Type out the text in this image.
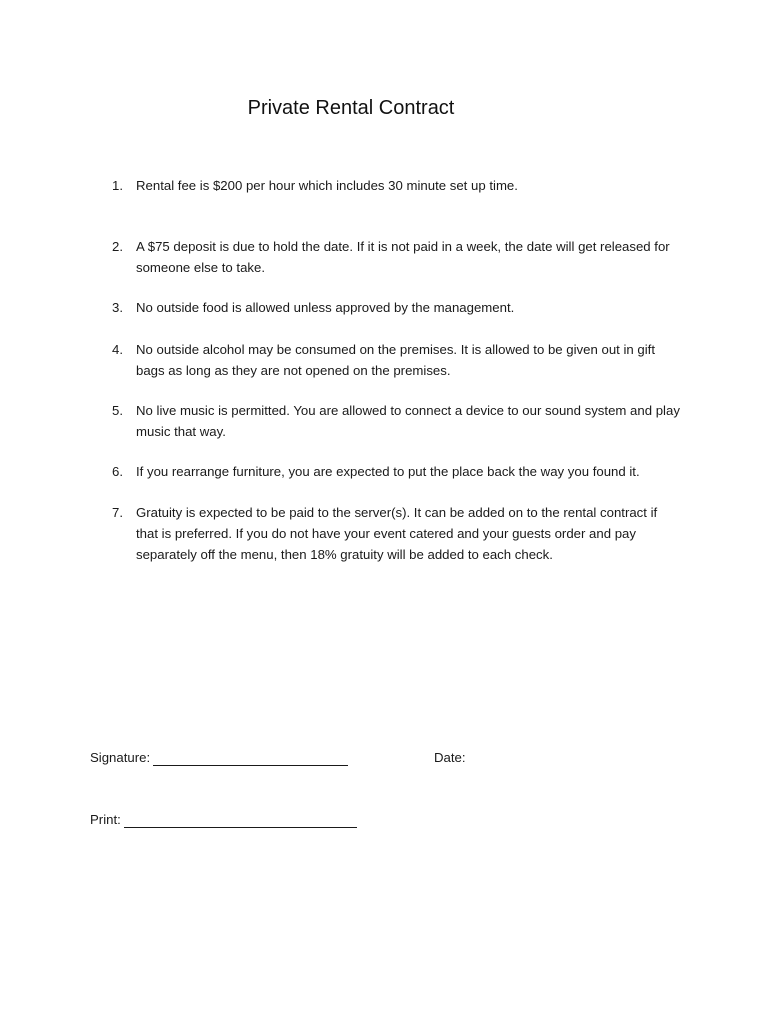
Private Rental Contract
1. Rental fee is $200 per hour which includes 30 minute set up time.
2. A $75 deposit is due to hold the date. If it is not paid in a week, the date will get released for someone else to take.
3. No outside food is allowed unless approved by the management.
4. No outside alcohol may be consumed on the premises. It is allowed to be given out in gift bags as long as they are not opened on the premises.
5. No live music is permitted. You are allowed to connect a device to our sound system and play music that way.
6. If you rearrange furniture, you are expected to put the place back the way you found it.
7. Gratuity is expected to be paid to the server(s). It can be added on to the rental contract if that is preferred. If you do not have your event catered and your guests order and pay separately off the menu, then 18% gratuity will be added to each check.
Signature:	Date:
Print:
